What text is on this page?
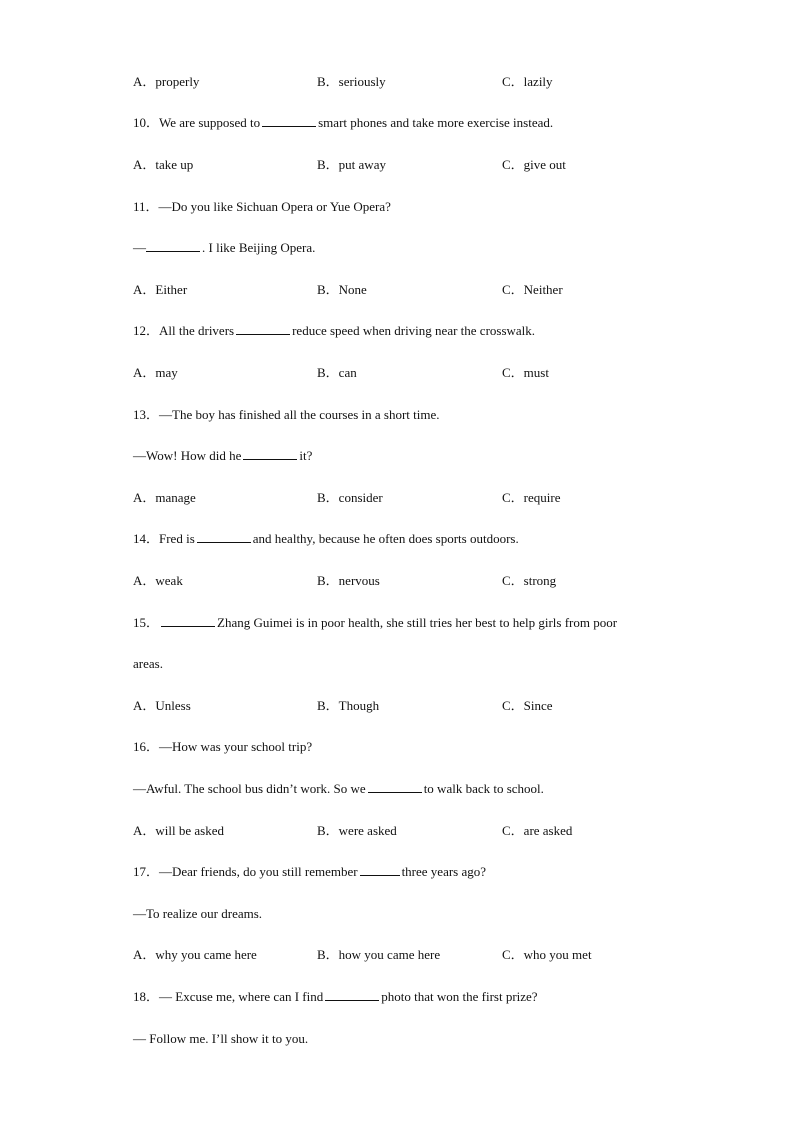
A．properly	B．seriously	C．lazily
10．We are supposed to	smart phones and take more exercise instead.
A．take up	B．put away	C．give out
11．—Do you like Sichuan Opera or Yue Opera?
—	. I like Beijing Opera.
A．Either	B．None	C．Neither
12．All the drivers	reduce speed when driving near the crosswalk.
A．may	B．can	C．must
13．—The boy has finished all the courses in a short time.
—Wow! How did he	it?
A．manage	B．consider	C．require
14．Fred is	and healthy, because he often does sports outdoors.
A．weak	B．nervous	C．strong
15．	Zhang Guimei is in poor health, she still tries her best to help girls from poor
areas.
A．Unless	B．Though	C．Since
16．—How was your school trip?
—Awful. The school bus didn’t work. So we	to walk back to school.
A．will be asked	B．were asked	C．are asked
17．—Dear friends, do you still remember	three years ago?
—To realize our dreams.
A．why you came here	B．how you came here	C．who you met
18．— Excuse me, where can I find	photo that won the first prize?
— Follow me. I’ll show it to you.
